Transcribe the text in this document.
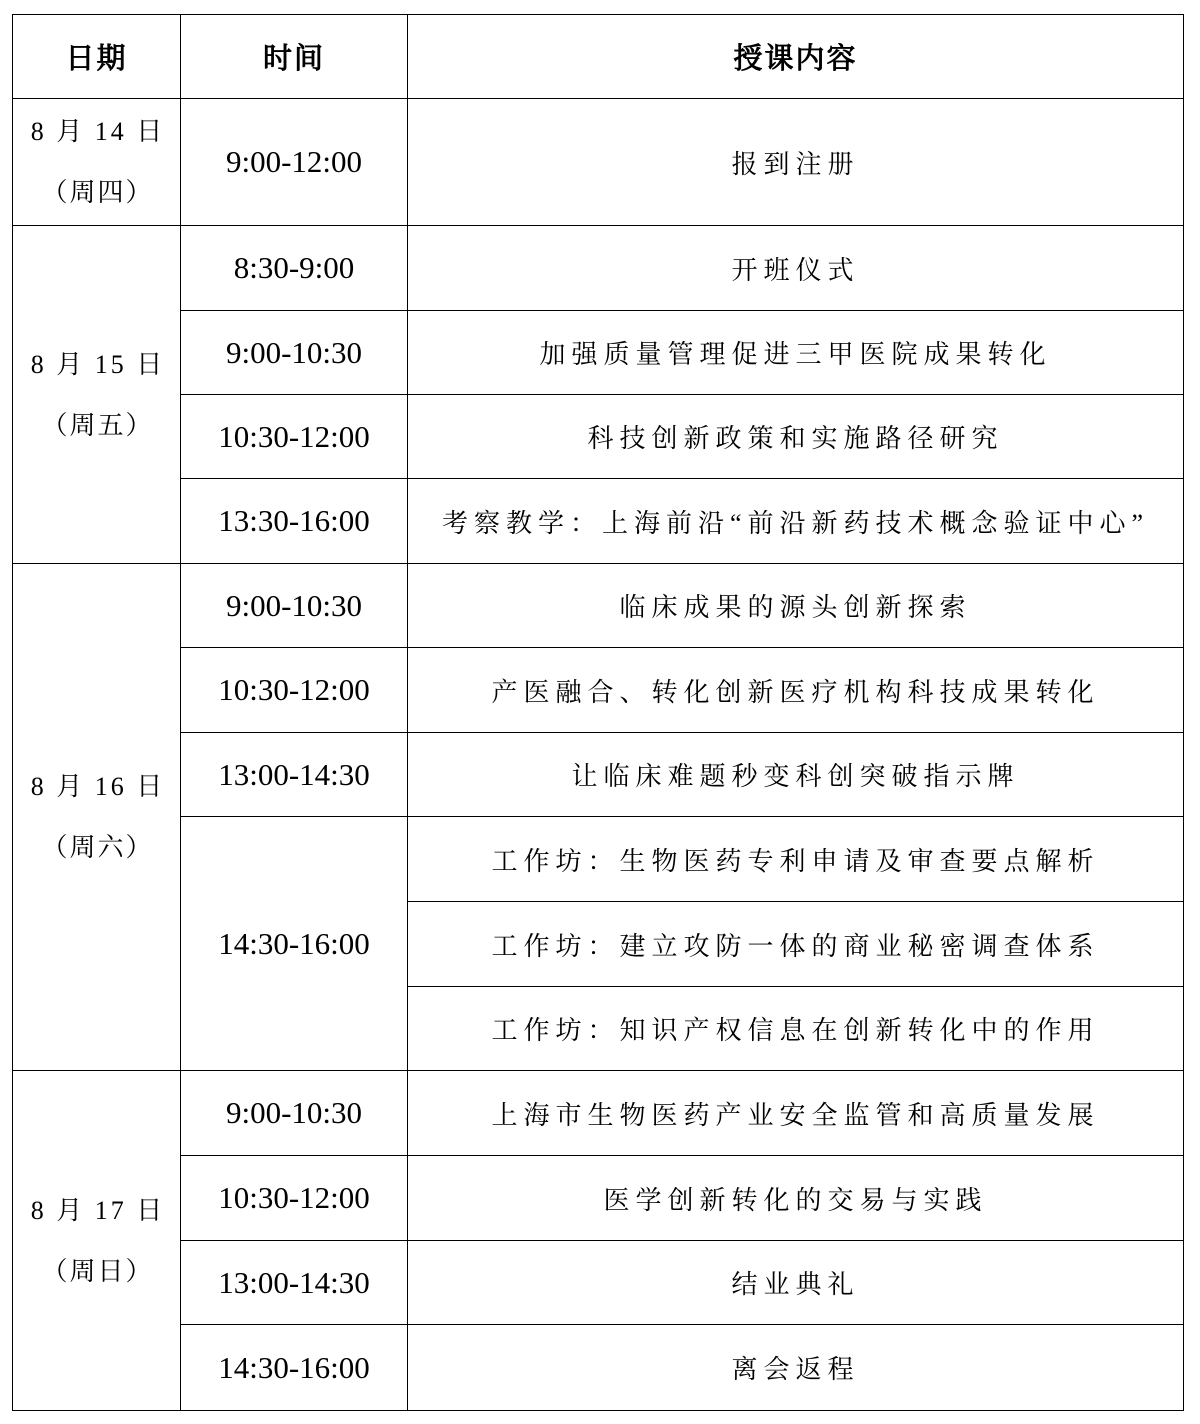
日期	时间	授课内容

8 月 14 日
（周四）	9:00-12:00	报到注册

8 月 15 日
（周五）	8:30-9:00	开班仪式
	9:00-10:30	加强质量管理促进三甲医院成果转化
	10:30-12:00	科技创新政策和实施路径研究
	13:30-16:00	考察教学：上海前沿“前沿新药技术概念验证中心”

8 月 16 日
（周六）	9:00-10:30	临床成果的源头创新探索
	10:30-12:00	产医融合、转化创新医疗机构科技成果转化
	13:00-14:30	让临床难题秒变科创突破指示牌
	14:30-16:00	工作坊：生物医药专利申请及审查要点解析
		工作坊：建立攻防一体的商业秘密调查体系
		工作坊：知识产权信息在创新转化中的作用

8 月 17 日
（周日）	9:00-10:30	上海市生物医药产业安全监管和高质量发展
	10:30-12:00	医学创新转化的交易与实践
	13:00-14:30	结业典礼
	14:30-16:00	离会返程
